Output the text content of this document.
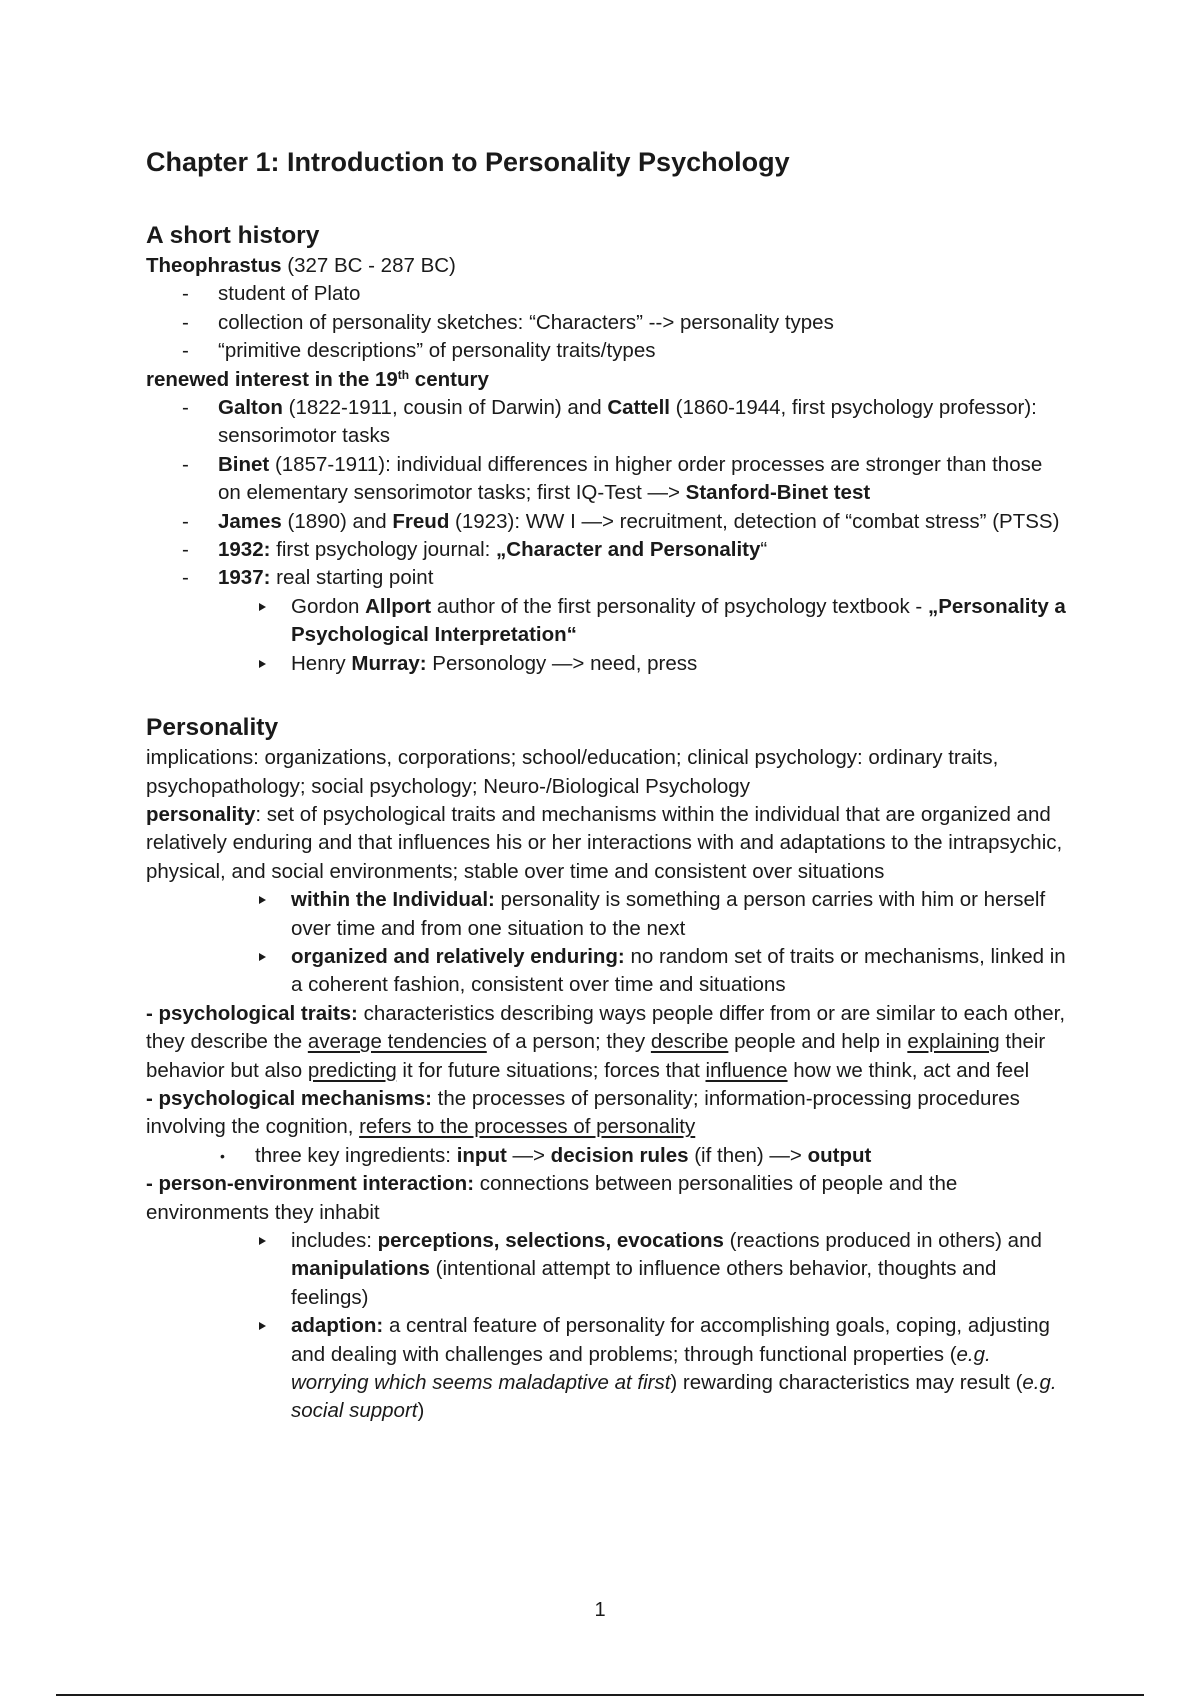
Chapter 1: Introduction to Personality Psychology
A short history

Theophrastus (327 BC - 287 BC)

- student of Plato
- collection of personality sketches: “Characters” --> personality types
- “primitive descriptions” of personality traits/types

renewed interest in the 19th century

- Galton (1822-1911, cousin of Darwin) and Cattell (1860-1944, first psychology professor): sensorimotor tasks
- Binet (1857-1911): individual differences in higher order processes are stronger than those on elementary sensorimotor tasks; first IQ-Test —> Stanford-Binet test
- James (1890) and Freud (1923): WW I —> recruitment, detection of “combat stress” (PTSS)
- 1932: first psychology journal: „Character and Personality“
- 1937: real starting point
Gordon Allport author of the first personality of psychology textbook - „Personality a Psychological Interpretation“
Henry Murray: Personology —> need, press
Personality

implications: organizations, corporations; school/education; clinical psychology: ordinary traits, psychopathology; social psychology; Neuro-/Biological Psychology

personality: set of psychological traits and mechanisms within the individual that are organized and relatively enduring and that influences his or her interactions with and adaptations to the intrapsychic, physical, and social environments; stable over time and consistent over situations

within the Individual: personality is something a person carries with him or herself over time and from one situation to the next
organized and relatively enduring: no random set of traits or mechanisms, linked in a coherent fashion, consistent over time and situations

- psychological traits: characteristics describing ways people differ from or are similar to each other, they describe the average tendencies of a person; they describe people and help in explaining their behavior but also predicting it for future situations; forces that influence how we think, act and feel

- psychological mechanisms: the processes of personality; information-processing procedures involving the cognition, refers to the processes of personality

• three key ingredients: input —> decision rules (if then) —> output

- person-environment interaction: connections between personalities of people and the environments they inhabit

includes: perceptions, selections, evocations (reactions produced in others) and manipulations (intentional attempt to influence others behavior, thoughts and feelings)
adaption: a central feature of personality for accomplishing goals, coping, adjusting and dealing with challenges and problems; through functional properties (e.g. worrying which seems maladaptive at first) rewarding characteristics may result (e.g. social support)
1
